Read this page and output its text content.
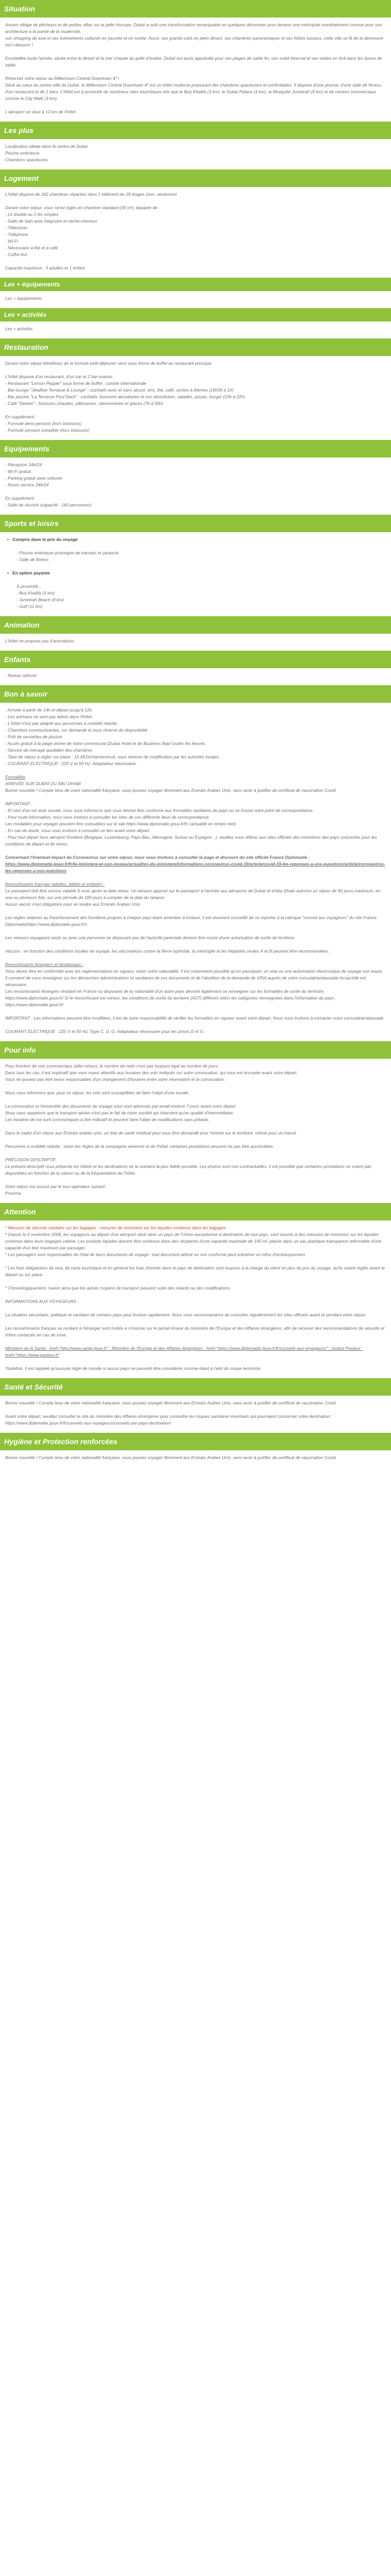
Situation

Ancien village de pêcheurs et de petites villas sur la pelle Hurrupo, Dubaï a subi une transformation remarquable en quelques décennies pour devenir une métropole mondialement connue pour son architecture à la pointe de la modernité,

son shopping de luxe et ses événements culturels en journée et en soirée. Aussi, ses grands-ciels en plein désert, ses chambres panoramiques et ses hôtels luxueux, cette ville se fit de la démesure est-t-deouvrir !

Ensoleillée toute l'année, située entre le désert et la mer chaude du golfe d'Arabie, Dubaï est aussi appréciée pour ses plages de sable fin, son soleil hivernal et ses visites en 4x4 dans les dunes de sable.

Réservez votre séjour au Millennium Central Downtown 4* !

Situé au cœur du centre-ville de Dubaï, le Millennium Central Downtown 4* est un hôtel moderne proposant des chambres spacieuses et confortables. Il dispose d'une piscine, d'une salle de fitness, d'un restaurant et de 2 bars. L'hôtel est à proximité de nombreux sites touristiques tels que le Burj Khalifa (3 km), le Dubaï Palace (4 km), la Mosquée Jumeirah (6 km) et de centres commerciaux comme le City Walk (3 km).

L'aéroport se situe à 13 km de l'hôtel.

Les plus

Localisation idéale dans le centre de Dubaï

Piscine extérieure

Chambres spacieuses

Logement

L'hôtel dispose de 242 chambres réparties dans 1 bâtiment de 18 étages (non, seulement

Durant votre séjour, vous serez logés en chambre standard (30 m²), équipée de :

- Lit double ou 2 lits simples

- Salle de bain avec baignoire et sèche-cheveux

- Télévision

- Téléphone

- Wi-Fi

- Nécessaire à thé et à café

- Coffre-fort

Capacité maximum : 3 adultes et 1 enfant

Les + équipements

Les + équipements

Les + activités

Les + activités

Restauration

Durant votre séjour bénéficiez de la formule petit-déjeuner servi sous forme de buffet au restaurant principal.

L'hôtel dispose d'un restaurant, d'un bar et 2 bar-snacks :

- Restaurant "Lemon Pepper" sous forme de buffet : cuisine internationale

- Bar-lounge "Jetaflow Terrasse & Lounge" : cocktails avec et sans alcool, vins, thé, café, sorties à thèmes (18h30 à 1h)

- Bar piscine "La Terrasse Pool Deck" : cocktails, boissons alcoolisées et non alcoolisées, salades, pizzas, burger (10h à 22h)

- Café "Dekker" : boissons chaudes, pâtisseries, viennoiseries et glaces (7h à 00h)

En supplément :

- Formule demi-pension (hors boissons)

- Formule pension complète (hors boissons)

Equipements

- Réception 24h/24

- Wi-Fi gratuit

- Parking gratuit avec voiturier

- Room service 24h/24

En supplément :

- Salle de réunion (capacité : 160 personnes)

Sports et loisirs

• Compris dans le prix du voyage

- Piscine extérieure prolongée de transats et parasols

- Salle de fitness

• En option payante

À proximité :

- Burj Khalifa (3 km)

- Jumeirah Beach (8 km)

- Golf (11 km)

Animation

L'hôtel ne propose pas d'animations.

Enfants

- Niveau adossé.

Bon à savoir

- Arrivée à partir de 14h et départ jusqu'à 12h.

- Les animaux ne sont pas admis dans l'hôtel.

- L'hôtel n'est pas adapté aux personnes à mobilité réduite.

- Chambres communicantes, sur demande et sous réserve de disponibilité.

- Prêt de serviettes de piscine.

- Accès gratuit à la plage privée de notre commercial (Dubaï Hotel et de Business Bay) toutes les heures.

- Service de ménage quotidien des chambres.

- Taxe de séjour à régler sur place : 15 AED/chambre/nuit, sous réserve de modification par les autorités locales.

- COURANT ÉLECTRIQUE : 220 V et 50 Hz. Adaptateur nécessaire.

Formalités

ARRIVÉE SUR DUBAÏ OU ABU DHABI

Bonne nouvelle ! Compte tenu de votre nationalité française, vous pouvez voyager librement aux Emirats Arabes Unis, sans avoir à justifier de certificat de vaccination Covid.

IMPORTANT :

- Et ceci d'un vol avec escale, nous vous informons que vous devrez être conforme aux formalités sanitaires du pays où se trouve votre point de correspondance.

- Pour toute information, nous vous invitons à consulter les sites de ces différents lieux de correspondance.

Les modalités pour voyager peuvent être consultées sur le site https://www.diplomatie.gouv.fr/fr/ (actualité en temps réel).

- En cas de doute, nous vous invitons à consulter ce lien avant votre départ.

- Pour tout départ hors aéroport frontière (Belgique, Luxembourg, Pays-Bas, Allemagne, Suisse ou Espagne...), veuillez vous référer aux sites officiels des ministères des pays concernés pour les conditions de départ et de retour.

Concernant l'éventuel impact du Coronavirus sur votre séjour, nous vous invitons à consulter la page et discours du site officiel France Diplomatie :

https://www.diplomatie.gouv.fr/fr/le-ministere-et-son-reseau/actualites-du-ministere/informations-coronavirus-covid-19/article/covid-19-les-reponses-a-vos-questions/article/coronavirus-les-reponses-a-vos-questions

Ressortissants français (adultes, bébés et enfants) :

Le passeport doit être encore valable 6 mois après la date retour. Un tampon apposé sur le passeport à l'arrivée aux aéroports de Dubaï et d'Abu Dhabi autorise un séjour de 90 jours maximum, en une ou plusieurs fois, sur une période de 180 jours à compter de la date du tampon.

Aucun vaccin n'est obligatoire pour se rendre aux Emirats Arabes Unis.

Les règles relatives au franchissement des frontières propres à chaque pays étant amenées à évoluer, il est vivement conseillé de se reporter à la rubrique "conseil aux voyageurs" du site France Diplomatie(https://www.diplomatie.gouv.fr/).

Les mineurs voyageant seuls ou avec une personne ne disposant pas de l'autorité parentale doivent être munis d'une autorisation de sortie de territoire.

Vaccins : en fonction des conditions locales de voyage, les vaccinations contre la fièvre typhoïde, la méningite et les hépatites virales A et B peuvent être recommandées.

Ressortissants étrangers et binationaux :

Vous devez être en conformité avec les réglementations en vigueur, selon votre nationalité. Il est notamment possible qu'un passeport, un visa ou une autorisation électronique de voyage soit requis. Il convient de vous renseigner sur les démarches administratives et sanitaires de ces documents et de l'abolition de la demande de VISA auprès de votre consulat/ambassade lorsqu'elle est nécessaire.

Les ressortissants étrangers résidant en France ou disposant de la nationalité d'un autre pays devront également se renseigner sur les formalités de sortie du territoire.

https://www.diplomatie.gouv.fr/ Si le ressortissant est mineur, les conditions de sortie du territoire (AST) diffèrent selon les catégories renseignées dans l'information du pays : https://www.diplomatie.gouv.fr/

IMPORTANT : Les informations peuvent être modifiées, il est de votre responsabilité de vérifier les formalités en vigueur avant votre départ. Nous vous invitons à contacter votre consulat/ambassade.

COURANT ÉLECTRIQUE : 220 V et 50 Hz. Type C, D, G. Adaptateur nécessaire pour les prises D et G.

Pour info

Pour fonction de vols commerciaux (aller-retour), le nombre de nuits n'est pas toujours égal au nombre de jours.

Dans tous les cas, il est impératif que vous soyez attentifs aux horaires des vols indiqués sur votre convocation, qui vous est envoyée avant votre départ.

Vous ne pouvez pas être tenus responsables d'un changement d'horaires entre votre réservation et la convocation.

Nous vous informons que, pour ce séjour, les vols sont susceptibles de faire l'objet d'une escale.

La convocation et l'ensemble des documents de voyage vous sont adressés par email environ 7 jours avant votre départ.

Nous vous rappelons que le transport aérien n'est pas le fait de notre société qui intervient qu'en qualité d'intermédiaire.

Les horaires de vol sont communiqués à titre indicatif et peuvent faire l'objet de modifications sans préavis.

Dans le cadre d'un séjour aux Émirats arabes unis, un état de santé médical peut vous être demandé pour l'entrée sur le territoire, même pour un transit.

Personnes à mobilité réduite : selon les règles de la compagnie aérienne et de l'hôtel, certaines prestations peuvent ne pas être accessibles.

PRÉCISION DESCRIPTIF

Le présent descriptif vous présente les hôtels et les destinations de la manière la plus fidèle possible. Les photos sont non contractuelles. Il est possible que certaines prestations ne soient pas disponibles en fonction de la saison ou de la fréquentation de l'hôtel.

Votre séjour est assuré par le tour-opérateur suivant :

Proxima

Attention

* Mesures de sécurité sanitaire sur les bagages : mesures de restriction sur les liquides contenus dans les bagages

* Depuis le 6 novembre 2006, les voyageurs au départ d'un aéroport situé dans un pays de l'Union européenne à destination de tout pays, sont soumis à des mesures de restriction sur les liquides contenus dans leurs bagages cabine. Les produits liquides doivent être contenus dans des récipients d'une capacité maximale de 100 ml, placés dans un sac plastique transparent refermable d'une capacité d'un litre maximum par passager.

* Les passagers sont responsables de l'état de leurs documents de voyage ; tout document abîmé ou non conforme peut entraîner un refus d'embarquement.

* Les frais obligatoires de visa, de carte touristique et en général les frais d'entrée dans le pays de destination sont toujours à la charge du client en plus du prix du voyage, qu'ils soient réglés avant le départ ou sur place.

* Chronologiquement, l'avion ainsi que les autres moyens de transport peuvent subir des retards ou des modifications.

INFORMATIONS AUX VOYAGEURS :

La situation sécuritaire, politique et sanitaire de certains pays peut évoluer rapidement. Nous vous recommandons de consulter régulièrement les sites officiels avant et pendant votre séjour.

Les ressortissants français se rendant à l'étranger sont invités à s'inscrire sur le portail Ariane du ministère de l'Europe et des Affaires étrangères, afin de recevoir des recommandations de sécurité et d'être contactés en cas de crise.

Ministère de la Santé : href="http://www.sante.gouv.fr" ; Ministère de l'Europe et des Affaires étrangères : href="https://www.diplomatie.gouv.fr/fr/conseils-aux-voyageurs/" ; Institut Pasteur : href="https://www.pasteur.fr"

Toutefois, il est rappelé qu'aucune règle de monde ni aucun pays ne peuvent être considérés comme étant à l'abri du risque terroriste.

Santé et Sécurité

Bonne nouvelle ! Compte tenu de votre nationalité française, vous pouvez voyager librement aux Emirats Arabes Unis, sans avoir à justifier de certificat de vaccination Covid.

Avant votre départ, veuillez consulter le site du ministère des Affaires étrangères pour connaître les risques sanitaires éventuels qui pourraient concerner votre destination : https://www.diplomatie.gouv.fr/fr/conseils-aux-voyageurs/conseils-par-pays-destination/

Hygiène et Protection renforcées

Bonne nouvelle ! Compte tenu de votre nationalité française, vous pouvez voyager librement aux Emirats Arabes Unis, sans avoir à justifier de certificat de vaccination Covid.
